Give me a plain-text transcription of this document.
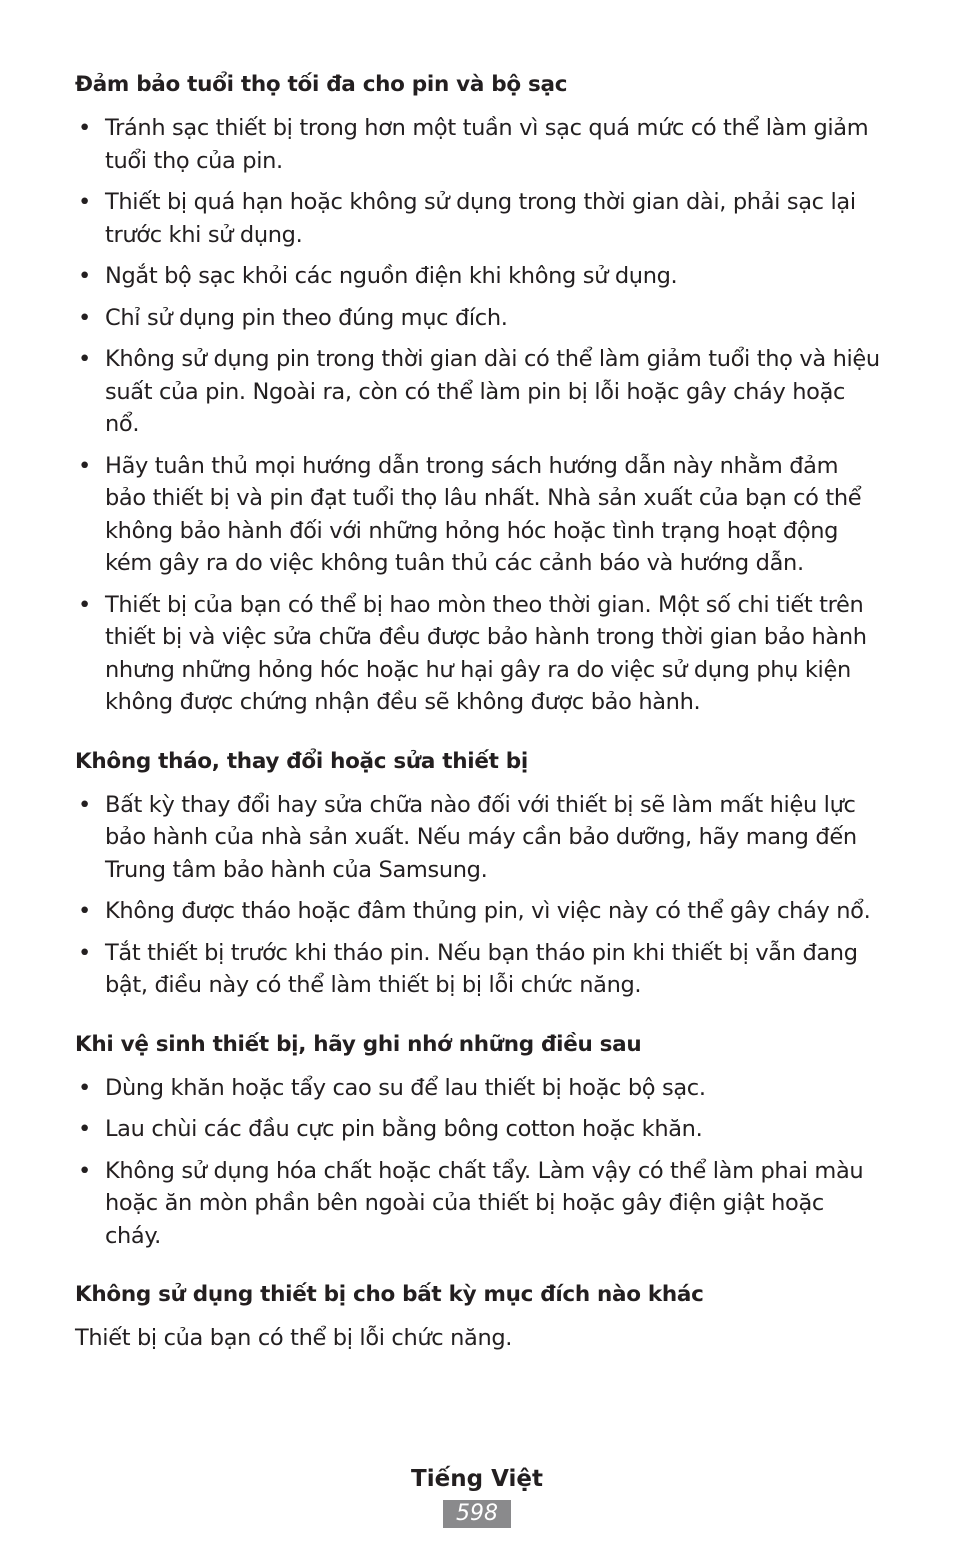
Đảm bảo tuổi thọ tối đa cho pin và bộ sạc
• Tránh sạc thiết bị trong hơn một tuần vì sạc quá mức có thể làm giảm tuổi thọ của pin.
• Thiết bị quá hạn hoặc không sử dụng trong thời gian dài, phải sạc lại trước khi sử dụng.
• Ngắt bộ sạc khỏi các nguồn điện khi không sử dụng.
• Chỉ sử dụng pin theo đúng mục đích.
• Không sử dụng pin trong thời gian dài có thể làm giảm tuổi thọ và hiệu suất của pin. Ngoài ra, còn có thể làm pin bị lỗi hoặc gây cháy hoặc nổ.
• Hãy tuân thủ mọi hướng dẫn trong sách hướng dẫn này nhằm đảm bảo thiết bị và pin đạt tuổi thọ lâu nhất. Nhà sản xuất của bạn có thể không bảo hành đối với những hỏng hóc hoặc tình trạng hoạt động kém gây ra do việc không tuân thủ các cảnh báo và hướng dẫn.
• Thiết bị của bạn có thể bị hao mòn theo thời gian. Một số chi tiết trên thiết bị và việc sửa chữa đều được bảo hành trong thời gian bảo hành nhưng những hỏng hóc hoặc hư hại gây ra do việc sử dụng phụ kiện không được chứng nhận đều sẽ không được bảo hành.
Không tháo, thay đổi hoặc sửa thiết bị
• Bất kỳ thay đổi hay sửa chữa nào đối với thiết bị sẽ làm mất hiệu lực bảo hành của nhà sản xuất. Nếu máy cần bảo dưỡng, hãy mang đến Trung tâm bảo hành của Samsung.
• Không được tháo hoặc đâm thủng pin, vì việc này có thể gây cháy nổ.
• Tắt thiết bị trước khi tháo pin. Nếu bạn tháo pin khi thiết bị vẫn đang bật, điều này có thể làm thiết bị bị lỗi chức năng.
Khi vệ sinh thiết bị, hãy ghi nhớ những điều sau
• Dùng khăn hoặc tẩy cao su để lau thiết bị hoặc bộ sạc.
• Lau chùi các đầu cực pin bằng bông cotton hoặc khăn.
• Không sử dụng hóa chất hoặc chất tẩy. Làm vậy có thể làm phai màu hoặc ăn mòn phần bên ngoài của thiết bị hoặc gây điện giật hoặc cháy.
Không sử dụng thiết bị cho bất kỳ mục đích nào khác

Thiết bị của bạn có thể bị lỗi chức năng.

Tiếng Việt
598
